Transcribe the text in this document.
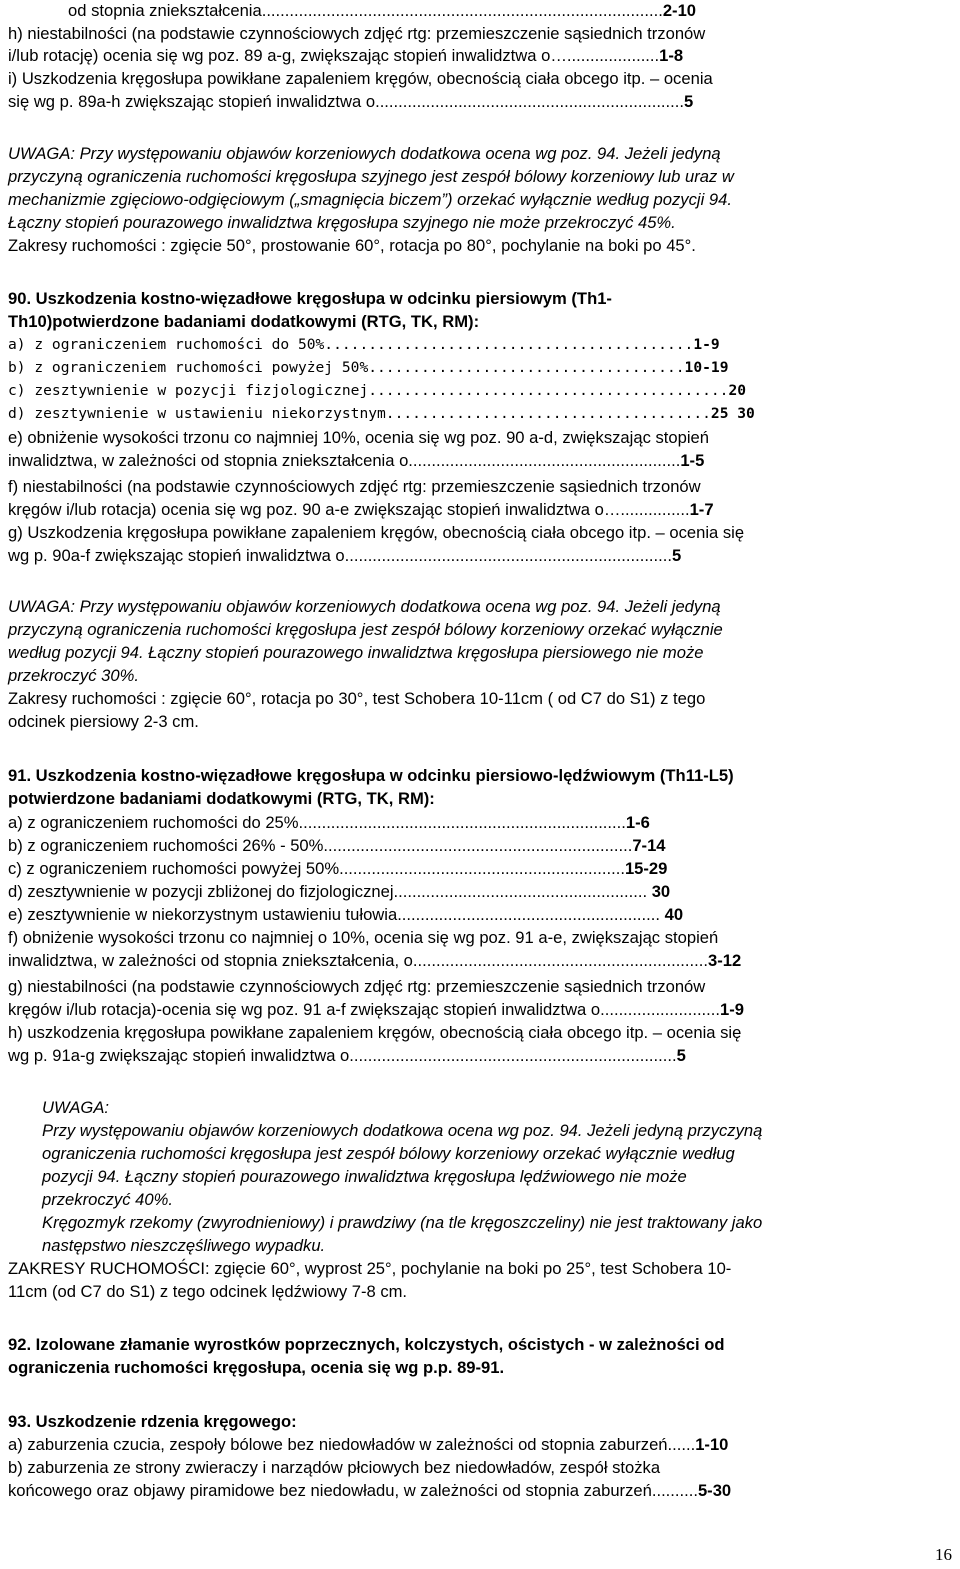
od stopnia zniekształcenia.......................................................................................2-10
h) niestabilności (na podstawie czynnościowych zdjęć rtg: przemieszczenie sąsiednich trzonów
i/lub rotację) ocenia się wg poz. 89 a-g, zwiększając stopień inwalidztwa o…....................1-8
i) Uszkodzenia kręgosłupa powikłane zapaleniem kręgów, obecnością ciała obcego itp. – ocenia
się wg p. 89a-h zwiększając stopień inwalidztwa o...................................................................5
UWAGA: Przy występowaniu objawów korzeniowych dodatkowa ocena wg poz. 94. Jeżeli jedyną
przyczyną ograniczenia ruchomości kręgosłupa szyjnego jest zespół bólowy korzeniowy lub uraz w
mechanizmie zgięciowo-odgięciowym („smagnięcia biczem”) orzekać wyłącznie według pozycji 94.
Łączny stopień pourazowego inwalidztwa kręgosłupa szyjnego nie może przekroczyć 45%.
Zakresy ruchomości : zgięcie 50°, prostowanie 60°, rotacja po 80°, pochylanie na boki po 45°.
90. Uszkodzenia kostno-więzadłowe kręgosłupa w odcinku piersiowym (Th1-
Th10)potwierdzone badaniami dodatkowymi (RTG, TK, RM):
a) z ograniczeniem ruchomości do 50%..........................................1-9
b) z ograniczeniem ruchomości powyżej 50%....................................10-19
c) zesztywnienie w pozycji fizjologicznej.........................................20
d) zesztywnienie w ustawieniu niekorzystnym.....................................25 30
e) obniżenie wysokości trzonu co najmniej 10%, ocenia się wg poz. 90 a-d, zwiększając stopień
inwalidztwa, w zależności od stopnia zniekształcenia o...........................................................1-5
f) niestabilności (na podstawie czynnościowych zdjęć rtg: przemieszczenie sąsiednich trzonów
kręgów i/lub rotacja) ocenia się wg poz. 90 a-e zwiększając stopień inwalidztwa o…...............1-7
g) Uszkodzenia kręgosłupa powikłane zapaleniem kręgów, obecnością ciała obcego itp. – ocenia się
wg p. 90a-f zwiększając stopień inwalidztwa o.......................................................................5
UWAGA: Przy występowaniu objawów korzeniowych dodatkowa ocena wg poz. 94. Jeżeli jedyną
przyczyną ograniczenia ruchomości kręgosłupa jest zespół bólowy korzeniowy orzekać wyłącznie
według pozycji 94. Łączny stopień pourazowego inwalidztwa kręgosłupa piersiowego nie może
przekroczyć 30%.
Zakresy ruchomości : zgięcie 60°, rotacja po 30°, test Schobera 10-11cm ( od C7 do S1) z tego
odcinek piersiowy 2-3 cm.
91. Uszkodzenia kostno-więzadłowe kręgosłupa w odcinku piersiowo-lędźwiowym (Th11-L5)
potwierdzone badaniami dodatkowymi (RTG, TK, RM):
a) z ograniczeniem ruchomości do 25%.......................................................................1-6
b) z ograniczeniem ruchomości 26% - 50%...................................................................7-14
c) z ograniczeniem ruchomości powyżej 50%..............................................................15-29
d) zesztywnienie w pozycji zbliżonej do fizjologicznej....................................................... 30
e) zesztywnienie w niekorzystnym ustawieniu tułowia......................................................... 40
f) obniżenie wysokości trzonu co najmniej o 10%, ocenia się wg poz. 91 a-e, zwiększając stopień
inwalidztwa, w zależności od stopnia zniekształcenia, o................................................................3-12
g) niestabilności (na podstawie czynnościowych zdjęć rtg: przemieszczenie sąsiednich trzonów
kręgów i/lub rotacja)-ocenia się wg poz. 91 a-f zwiększając stopień inwalidztwa o..........................1-9
h) uszkodzenia kręgosłupa powikłane zapaleniem kręgów, obecnością ciała obcego itp. – ocenia się
wg p. 91a-g zwiększając stopień inwalidztwa o.......................................................................5
UWAGA:
Przy występowaniu objawów korzeniowych dodatkowa ocena wg poz. 94. Jeżeli jedyną przyczyną
ograniczenia ruchomości kręgosłupa jest zespół bólowy korzeniowy orzekać wyłącznie według
pozycji 94. Łączny stopień pourazowego inwalidztwa kręgosłupa lędźwiowego nie może
przekroczyć 40%.
Kręgozmyk rzekomy (zwyrodnieniowy) i prawdziwy (na tle kręgoszczeliny) nie jest traktowany jako
następstwo nieszczęśliwego wypadku.
ZAKRESY RUCHOMOŚCI: zgięcie 60°, wyprost 25°, pochylanie na boki po 25°, test Schobera 10-
11cm (od C7 do S1) z tego odcinek lędźwiowy 7-8 cm.
92. Izolowane złamanie wyrostków poprzecznych, kolczystych, ościstych - w zależności od
ograniczenia ruchomości kręgosłupa, ocenia się wg p.p. 89-91.
93. Uszkodzenie rdzenia kręgowego:
a) zaburzenia czucia, zespoły bólowe bez niedowładów w zależności od stopnia zaburzeń......1-10
b) zaburzenia ze strony zwieraczy i narządów płciowych bez niedowładów, zespół stożka
końcowego oraz objawy piramidowe bez niedowładu, w zależności od stopnia zaburzeń..........5-30
16
